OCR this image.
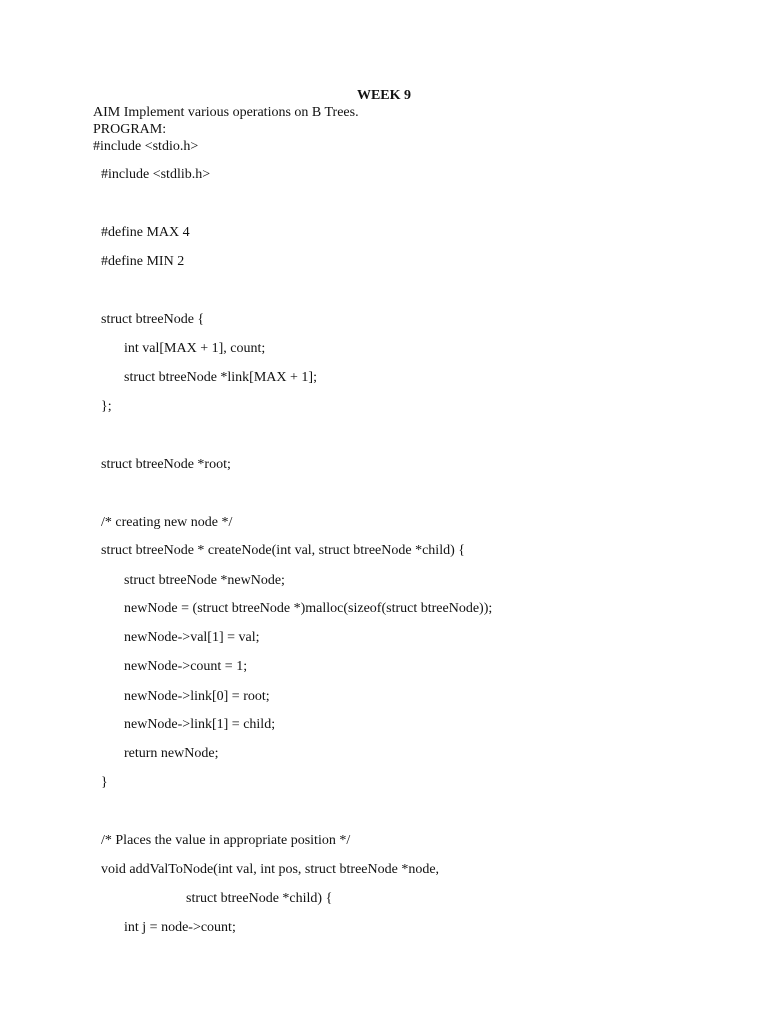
WEEK 9
AIM Implement various operations on B Trees.
PROGRAM:
#include <stdio.h>
#include <stdlib.h>
#define MAX 4
#define MIN 2
struct btreeNode {
int val[MAX + 1], count;
struct btreeNode *link[MAX + 1];
};
struct btreeNode *root;
/* creating new node */
struct btreeNode * createNode(int val, struct btreeNode *child) {
struct btreeNode *newNode;
newNode = (struct btreeNode *)malloc(sizeof(struct btreeNode));
newNode->val[1] = val;
newNode->count = 1;
newNode->link[0] = root;
newNode->link[1] = child;
return newNode;
}
/* Places the value in appropriate position */
void addValToNode(int val, int pos, struct btreeNode *node,
struct btreeNode *child) {
int j = node->count;
